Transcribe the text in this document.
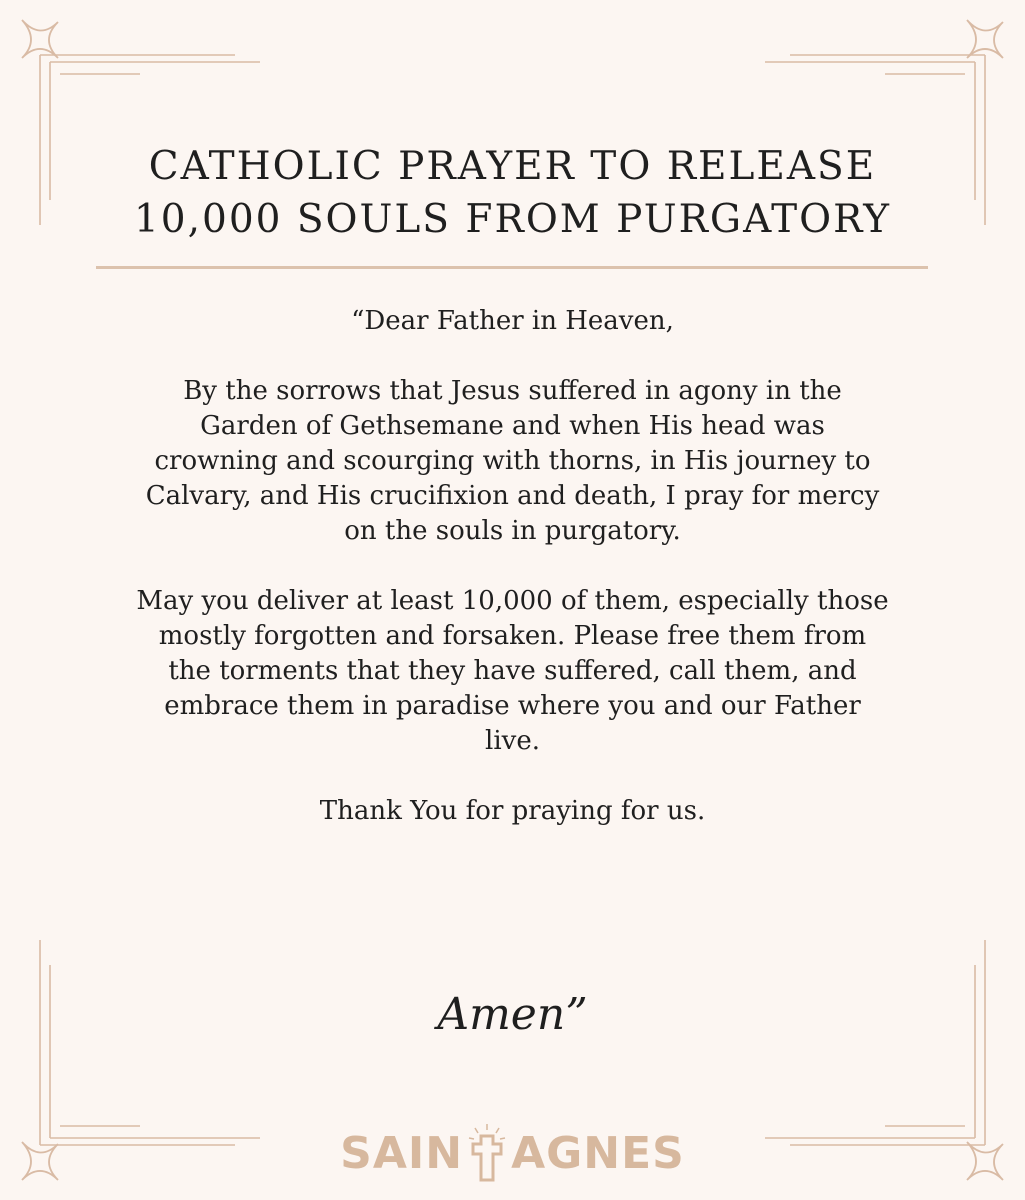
CATHOLIC PRAYER TO RELEASE
10,000 SOULS FROM PURGATORY

“Dear Father in Heaven,

By the sorrows that Jesus suffered in agony in the
Garden of Gethsemane and when His head was
crowning and scourging with thorns, in His journey to
Calvary, and His crucifixion and death, I pray for mercy
on the souls in purgatory.

May you deliver at least 10,000 of them, especially those
mostly forgotten and forsaken. Please free them from
the torments that they have suffered, call them, and
embrace them in paradise where you and our Father
live.

Thank You for praying for us.

Amen”
SAIN AGNES
